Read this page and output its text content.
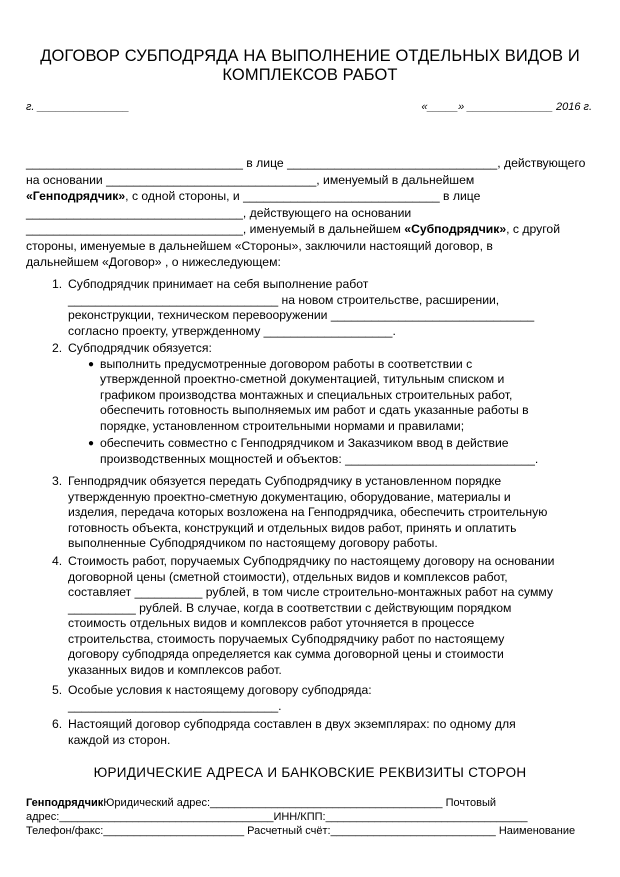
ДОГОВОР СУБПОДРЯДА НА ВЫПОЛНЕНИЕ ОТДЕЛЬНЫХ ВИДОВ И
КОМПЛЕКСОВ РАБОТ
г. _______________	«_____» ______________ 2016 г.
________________________________ в лице _______________________________, действующего
на основании _______________________________, именуемый в дальнейшем
«Генподрядчик», с одной стороны, и _____________________________ в лице
________________________________, действующего на основании
________________________________, именуемый в дальнейшем «Субподрядчик», с другой
стороны, именуемые в дальнейшем «Стороны», заключили настоящий договор, в
дальнейшем «Договор» , о нижеследующем:
1. Субподрядчик принимает на себя выполнение работ
_______________________________ на новом строительстве, расширении,
реконструкции, техническом перевооружении ______________________________
согласно проекту, утвержденному ___________________.
2. Субподрядчик обязуется:
● выполнить предусмотренные договором работы в соответствии с
утвержденной проектно-сметной документацией, титульным списком и
графиком производства монтажных и специальных строительных работ,
обеспечить готовность выполняемых им работ и сдать указанные работы в
порядке, установленном строительными нормами и правилами;
● обеспечить совместно с Генподрядчиком и Заказчиком ввод в действие
производственных мощностей и объектов: ____________________________.
3. Генподрядчик обязуется передать Субподрядчику в установленном порядке
утвержденную проектно-сметную документацию, оборудование, материалы и
изделия, передача которых возложена на Генподрядчика, обеспечить строительную
готовность объекта, конструкций и отдельных видов работ, принять и оплатить
выполненные Субподрядчиком по настоящему договору работы.
4. Стоимость работ, поручаемых Субподрядчику по настоящему договору на основании
договорной цены (сметной стоимости), отдельных видов и комплексов работ,
составляет __________ рублей, в том числе строительно-монтажных работ на сумму
__________ рублей. В случае, когда в соответствии с действующим порядком
стоимость отдельных видов и комплексов работ уточняется в процессе
строительства, стоимость поручаемых Субподрядчику работ по настоящему
договору субподряда определяется как сумма договорной цены и стоимости
указанных видов и комплексов работ.
5. Особые условия к настоящему договору субподряда:
_______________________________.
6. Настоящий договор субподряда составлен в двух экземплярах: по одному для
каждой из сторон.
ЮРИДИЧЕСКИЕ АДРЕСА И БАНКОВСКИЕ РЕКВИЗИТЫ СТОРОН
ГенподрядчикЮридический адрес:______________________________________ Почтовый
адрес:___________________________________ИНН/КПП:_________________________________
Телефон/факс:_______________________ Расчетный счёт:___________________________ Наименование
